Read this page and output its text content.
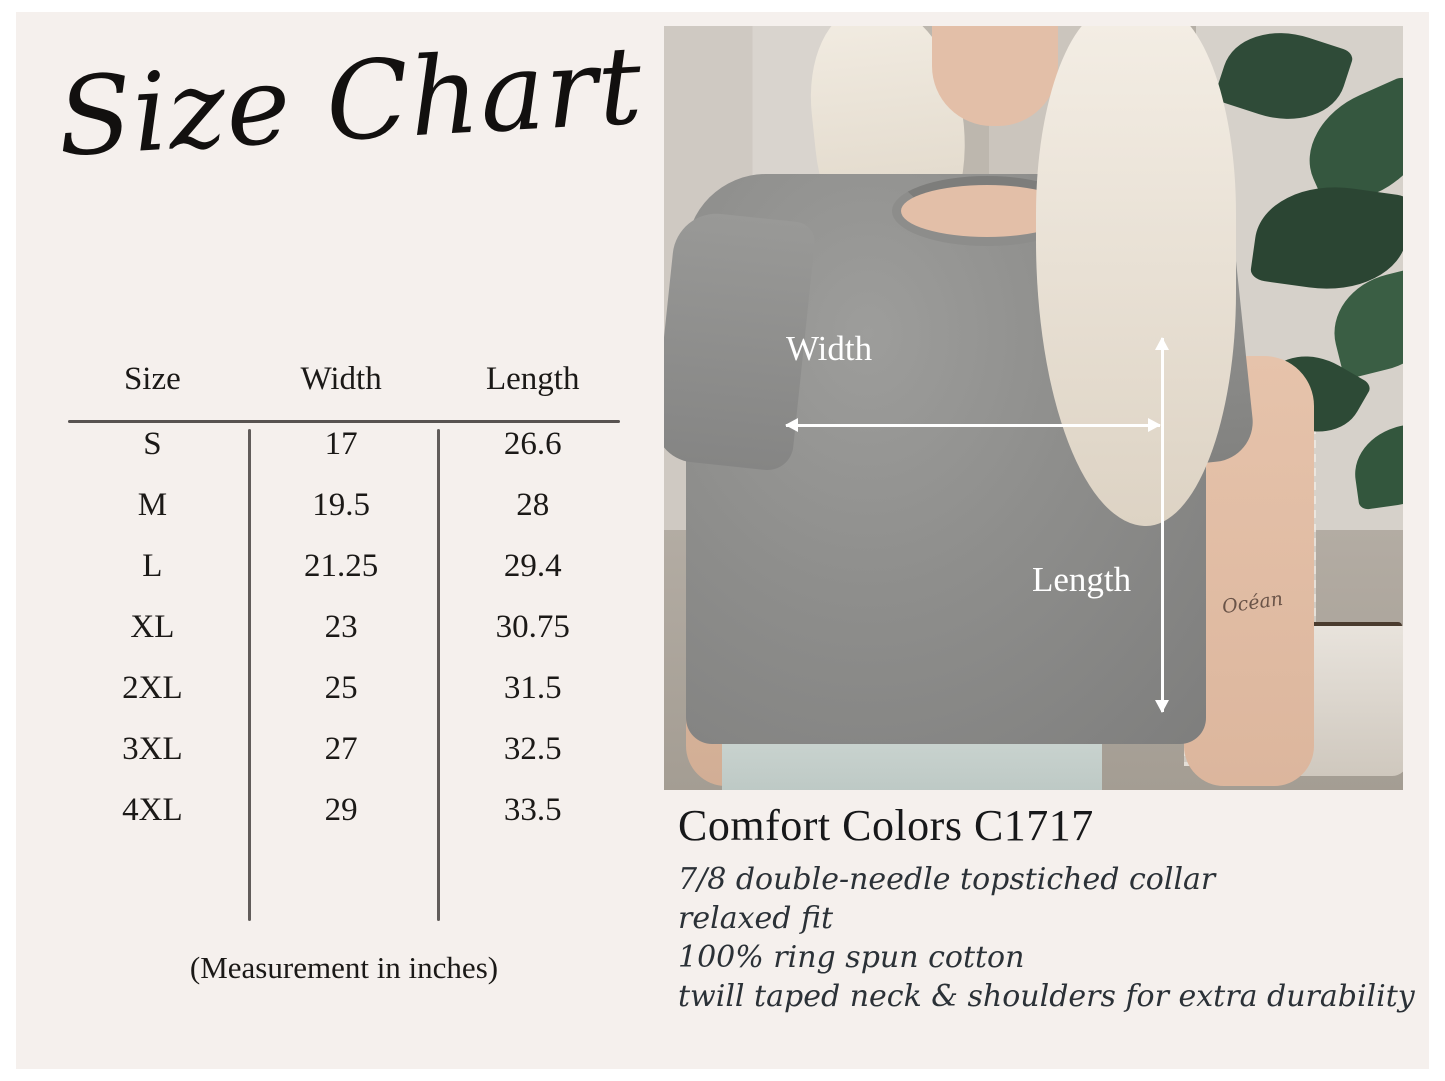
Size Chart
Size	Width	Length
S	17	26.6
M	19.5	28
L	21.25	29.4
XL	23	30.75
2XL	25	31.5
3XL	27	32.5
4XL	29	33.5
(Measurement in inches)
Océan
Width
Length
Comfort Colors C1717
7/8 double-needle topstiched collar
relaxed fit
100% ring spun cotton
twill taped neck & shoulders for extra durability
